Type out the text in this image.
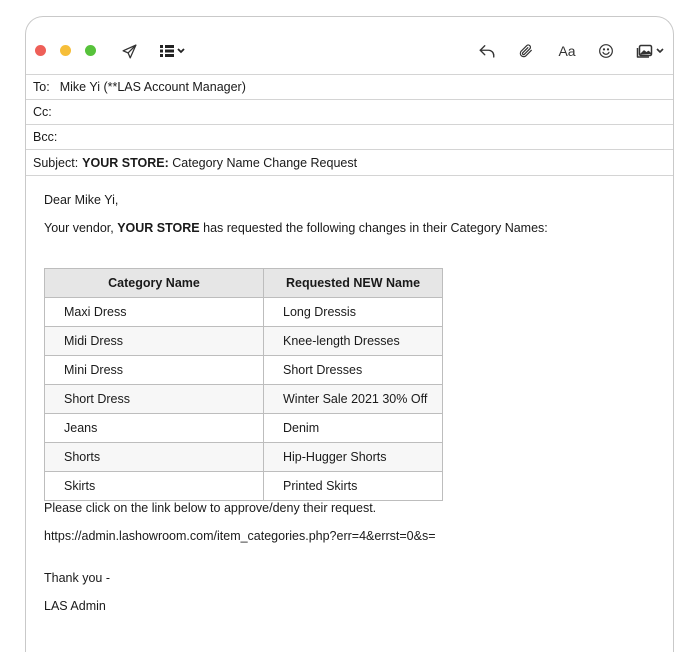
Aa
To: Mike Yi (**LAS Account Manager)
Cc:
Bcc:
Subject: YOUR STORE: Category Name Change Request
Dear Mike Yi,
Your vendor, YOUR STORE has requested the following changes in their Category Names:
Category Name	Requested NEW Name
Maxi Dress	Long Dressis
Midi Dress	Knee-length Dresses
Mini Dress	Short Dresses
Short Dress	Winter Sale 2021 30% Off
Jeans	Denim
Shorts	Hip-Hugger Shorts
Skirts	Printed Skirts
Please click on the link below to approve/deny their request.
https://admin.lashowroom.com/item_categories.php?err=4&errst=0&s=
Thank you -
LAS Admin
